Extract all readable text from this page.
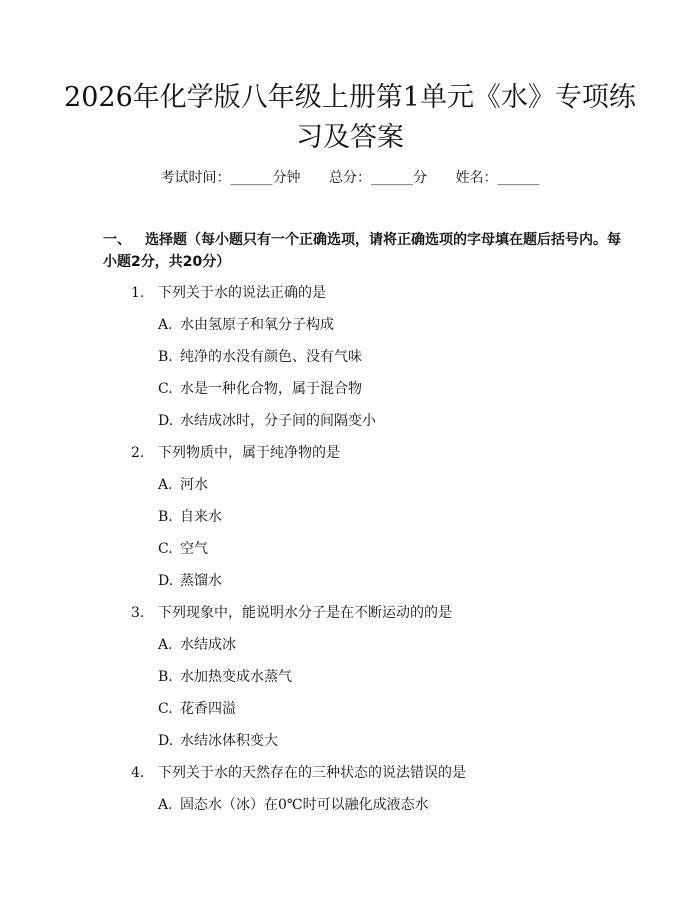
2026年化学版八年级上册第1单元《水》专项练习及答案
考试时间：______分钟 总分：______分 姓名：______
一、 选择题（每小题只有一个正确选项，请将正确选项的字母填在题后括号内。每小题2分，共20分）
1. 下列关于水的说法正确的是
A. 水由氢原子和氧分子构成
B. 纯净的水没有颜色、没有气味
C. 水是一种化合物，属于混合物
D. 水结成冰时，分子间的间隔变小
2. 下列物质中，属于纯净物的是
A. 河水
B. 自来水
C. 空气
D. 蒸馏水
3. 下列现象中，能说明水分子是在不断运动的的是
A. 水结成冰
B. 水加热变成水蒸气
C. 花香四溢
D. 水结冰体积变大
4. 下列关于水的天然存在的三种状态的说法错误的是
A. 固态水（冰）在0℃时可以融化成液态水
